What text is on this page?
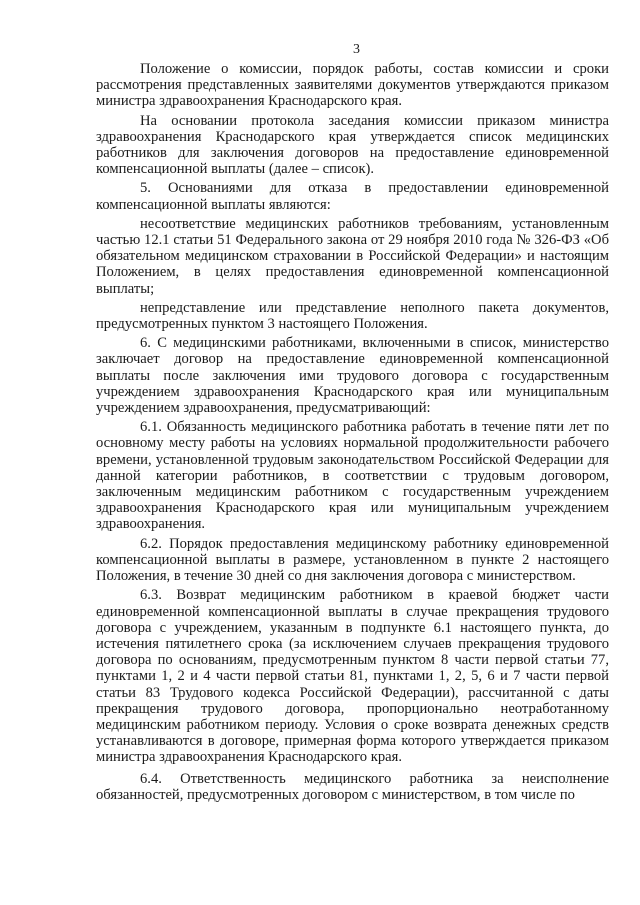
3

Положение о комиссии, порядок работы, состав комиссии и сроки рассмотрения представленных заявителями документов утверждаются приказом министра здравоохранения Краснодарского края.

На основании протокола заседания комиссии приказом министра здравоохранения Краснодарского края утверждается список медицинских работников для заключения договоров на предоставление единовременной компенсационной выплаты (далее – список).

5. Основаниями для отказа в предоставлении единовременной компенсационной выплаты являются:

несоответствие медицинских работников требованиям, установленным частью 12.1 статьи 51 Федерального закона от 29 ноября 2010 года № 326-ФЗ «Об обязательном медицинском страховании в Российской Федерации» и настоящим Положением, в целях предоставления единовременной компенсационной выплаты;

непредставление или представление неполного пакета документов, предусмотренных пунктом 3 настоящего Положения.

6. С медицинскими работниками, включенными в список, министерство заключает договор на предоставление единовременной компенсационной выплаты после заключения ими трудового договора с государственным учреждением здравоохранения Краснодарского края или муниципальным учреждением здравоохранения, предусматривающий:

6.1. Обязанность медицинского работника работать в течение пяти лет по основному месту работы на условиях нормальной продолжительности рабочего времени, установленной трудовым законодательством Российской Федерации для данной категории работников, в соответствии с трудовым договором, заключенным медицинским работником с государственным учреждением здравоохранения Краснодарского края или муниципальным учреждением здравоохранения.

6.2. Порядок предоставления медицинскому работнику единовременной компенсационной выплаты в размере, установленном в пункте 2 настоящего Положения, в течение 30 дней со дня заключения договора с министерством.

6.3. Возврат медицинским работником в краевой бюджет части единовременной компенсационной выплаты в случае прекращения трудового договора с учреждением, указанным в подпункте 6.1 настоящего пункта, до истечения пятилетнего срока (за исключением случаев прекращения трудового договора по основаниям, предусмотренным пунктом 8 части первой статьи 77, пунктами 1, 2 и 4 части первой статьи 81, пунктами 1, 2, 5, 6 и 7 части первой статьи 83 Трудового кодекса Российской Федерации), рассчитанной с даты прекращения трудового договора, пропорционально неотработанному медицинским работником периоду. Условия о сроке возврата денежных средств устанавливаются в договоре, примерная форма которого утверждается приказом министра здравоохранения Краснодарского края.

6.4. Ответственность медицинского работника за неисполнение обязанностей, предусмотренных договором с министерством, в том числе по
